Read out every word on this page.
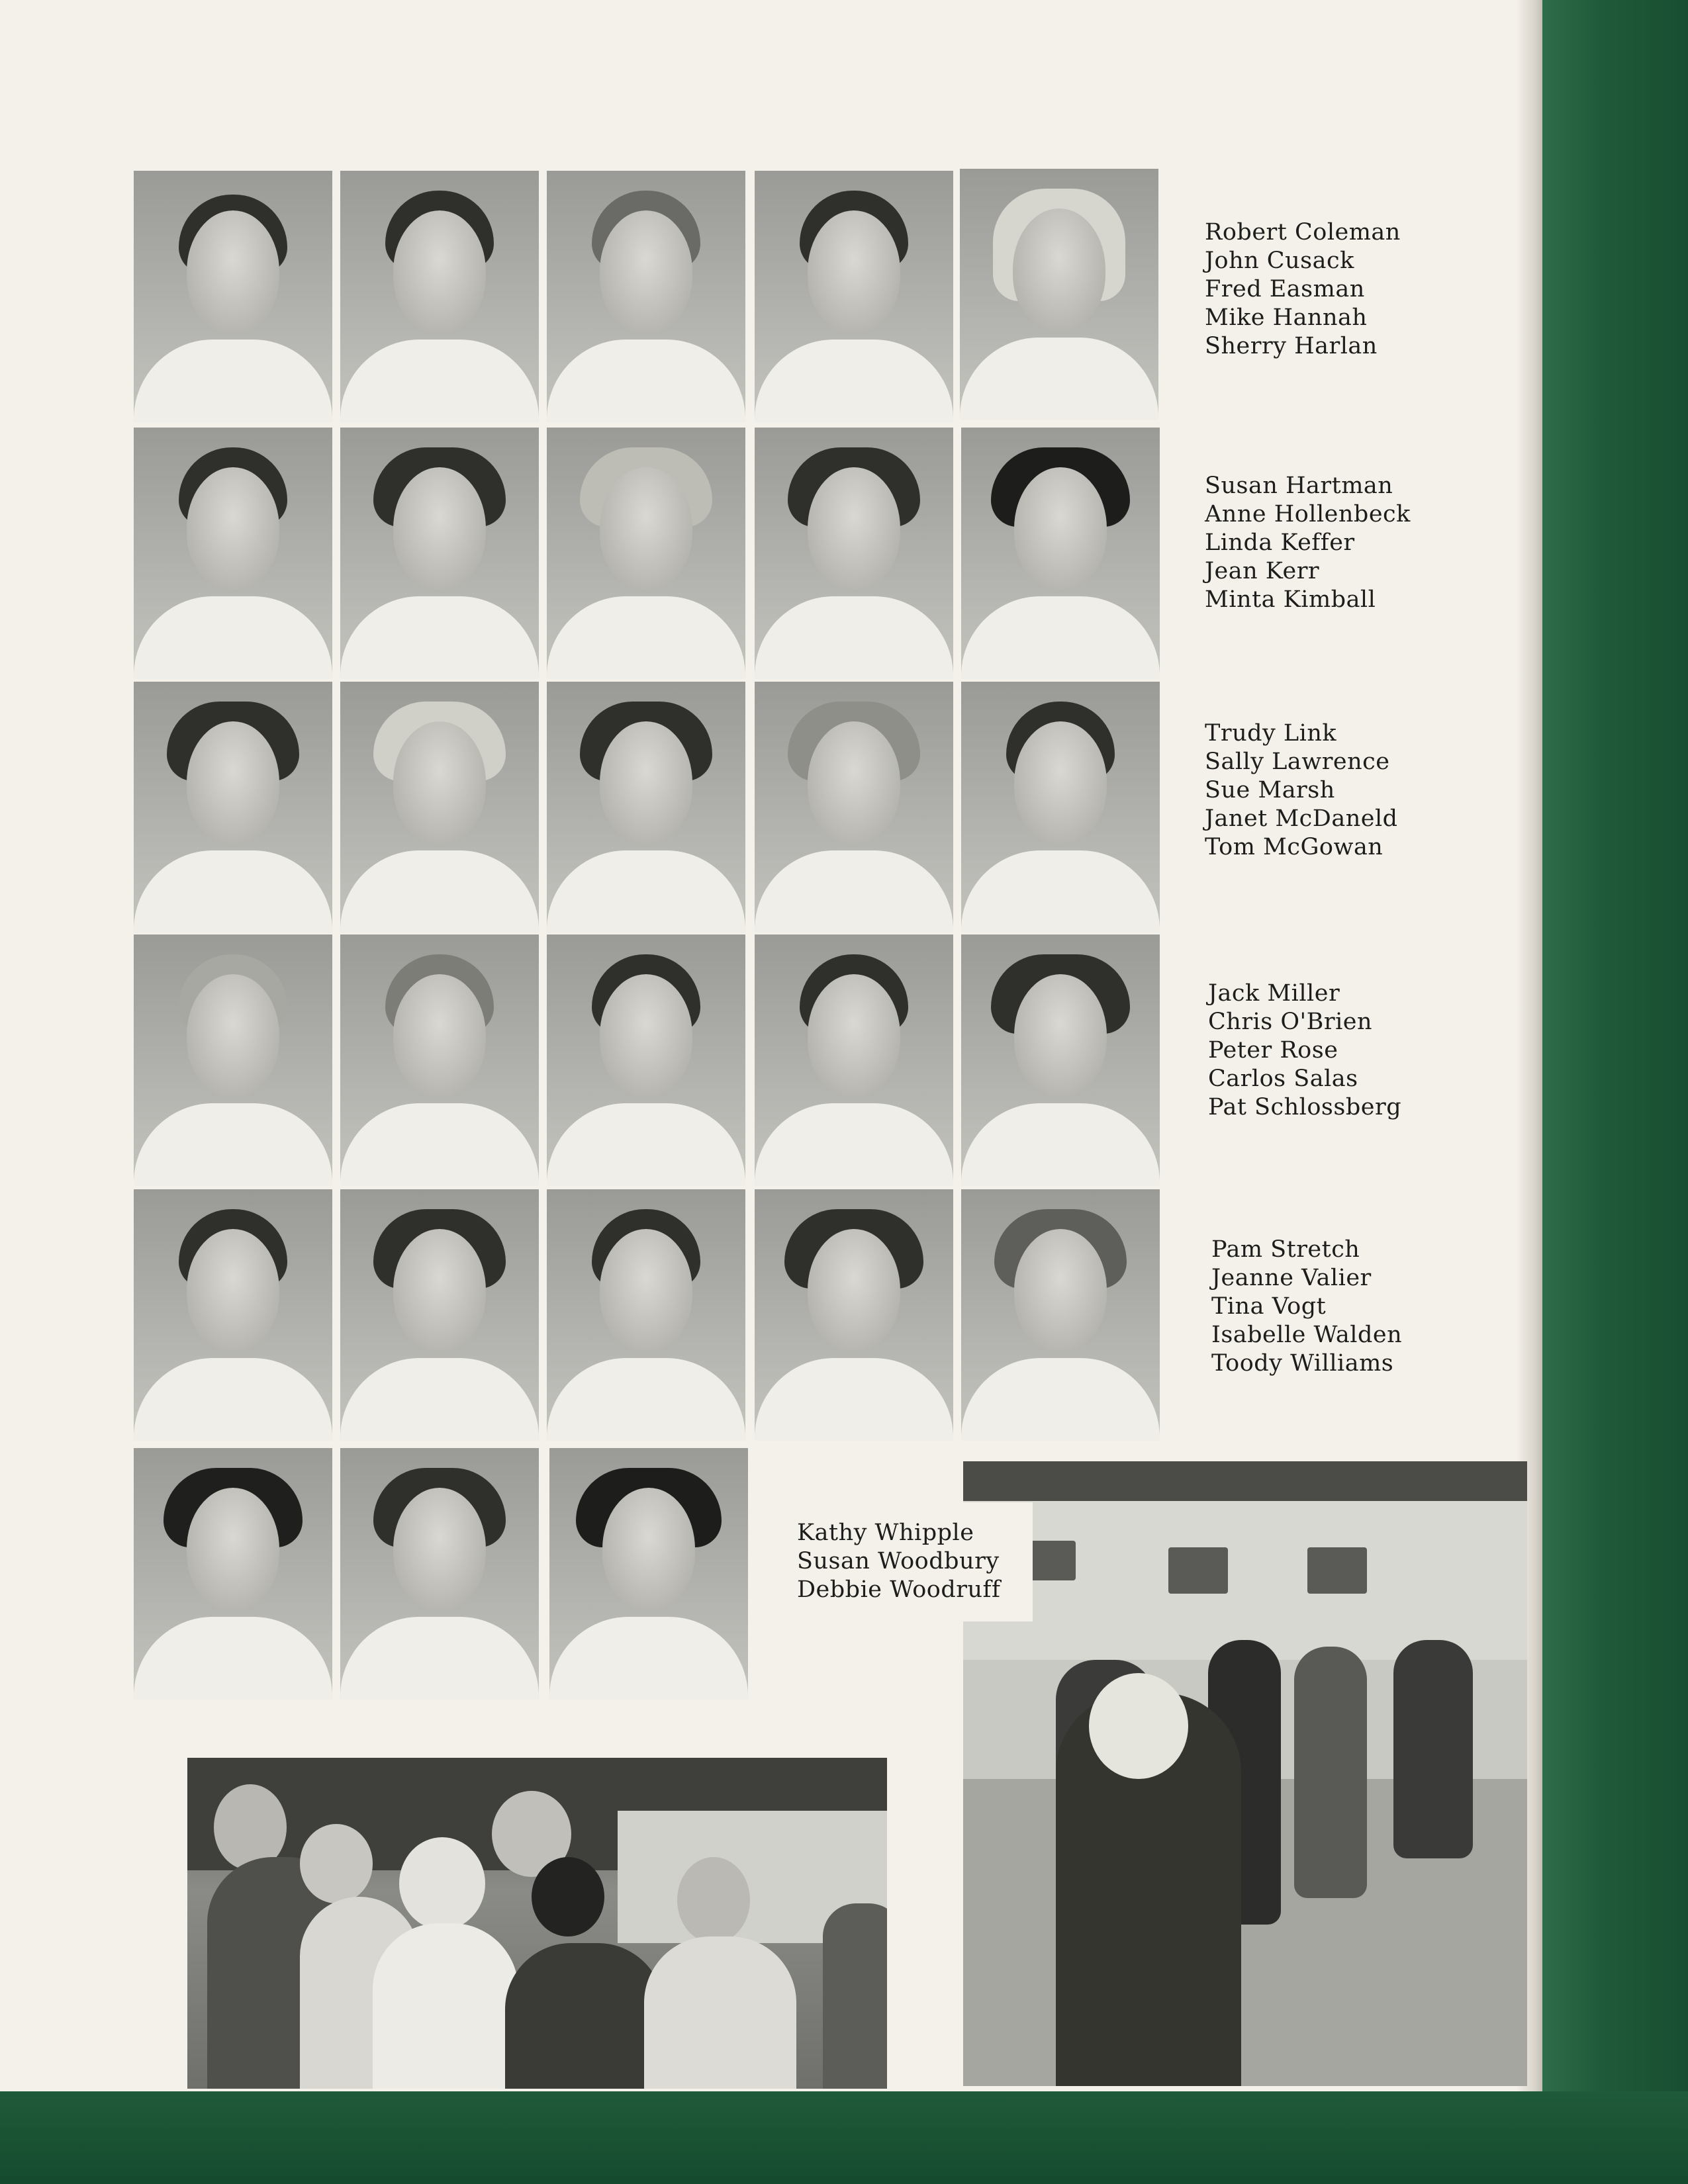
Robert Coleman
John Cusack
Fred Easman
Mike Hannah
Sherry Harlan
Susan Hartman
Anne Hollenbeck
Linda Keffer
Jean Kerr
Minta Kimball
Trudy Link
Sally Lawrence
Sue Marsh
Janet McDaneld
Tom McGowan
Jack Miller
Chris O'Brien
Peter Rose
Carlos Salas
Pat Schlossberg
Pam Stretch
Jeanne Valier
Tina Vogt
Isabelle Walden
Toody Williams
Kathy Whipple
Susan Woodbury
Debbie Woodruff
